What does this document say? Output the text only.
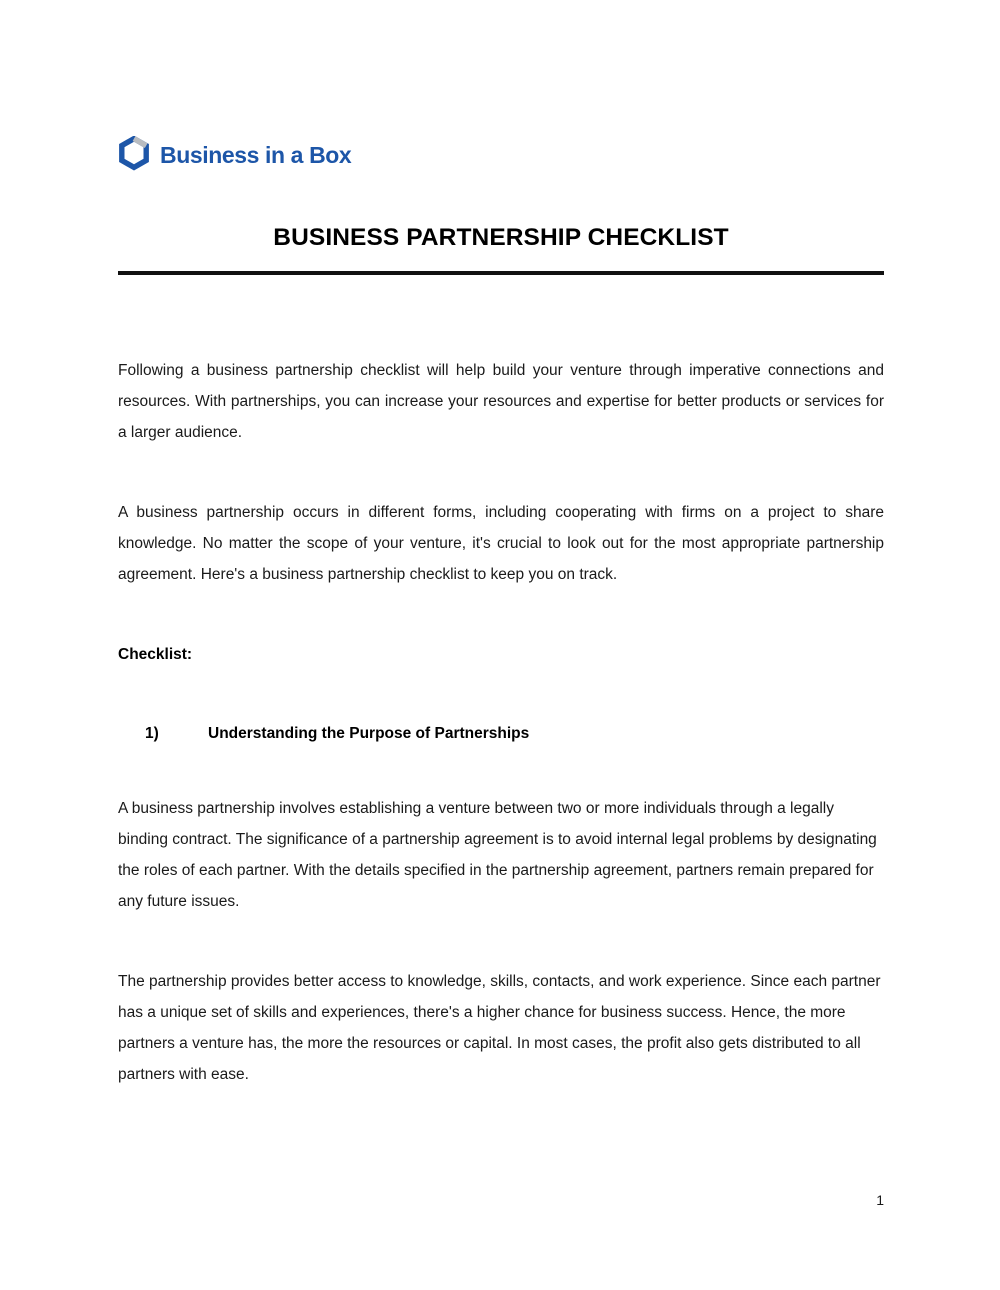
Business in a Box
BUSINESS PARTNERSHIP CHECKLIST

Following a business partnership checklist will help build your venture through imperative connections and resources. With partnerships, you can increase your resources and expertise for better products or services for a larger audience.

A business partnership occurs in different forms, including cooperating with firms on a project to share knowledge. No matter the scope of your venture, it's crucial to look out for the most appropriate partnership agreement. Here's a business partnership checklist to keep you on track.

Checklist:

1)	Understanding the Purpose of Partnerships

A business partnership involves establishing a venture between two or more individuals through a legally binding contract. The significance of a partnership agreement is to avoid internal legal problems by designating the roles of each partner. With the details specified in the partnership agreement, partners remain prepared for any future issues.

The partnership provides better access to knowledge, skills, contacts, and work experience. Since each partner has a unique set of skills and experiences, there's a higher chance for business success. Hence, the more partners a venture has, the more the resources or capital. In most cases, the profit also gets distributed to all partners with ease.

1
